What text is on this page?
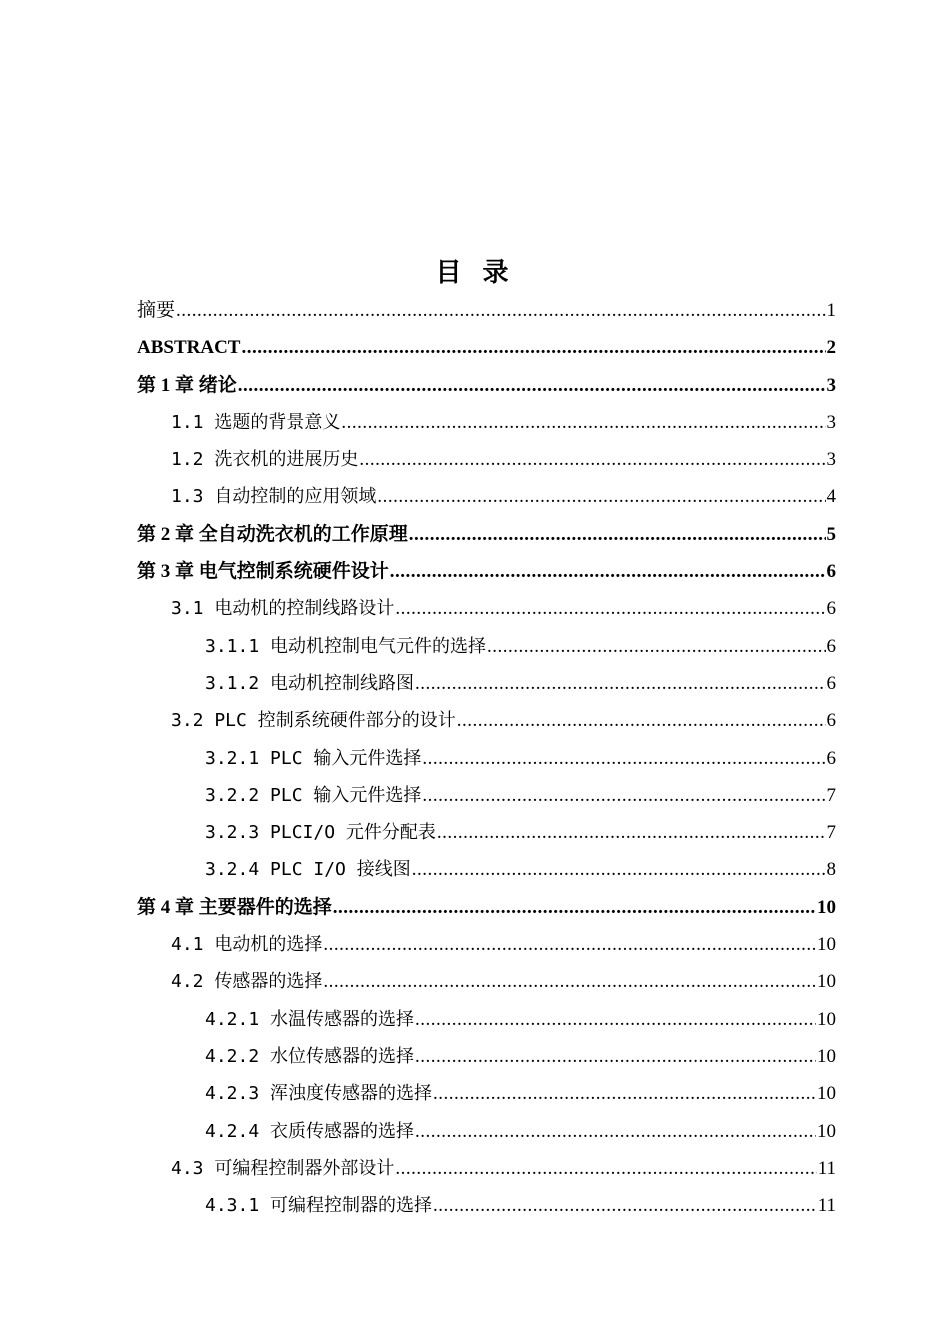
目 录
摘要 .....	1
ABSTRACT .....	2
第 1 章 绪论 .....	3
1.1 选题的背景意义 .....	3
1.2 洗衣机的进展历史 .....	3
1.3 自动控制的应用领域 .....	4
第 2 章 全自动洗衣机的工作原理 .....	5
第 3 章 电气控制系统硬件设计 .....	6
3.1 电动机的控制线路设计 .....	6
3.1.1 电动机控制电气元件的选择 .....	6
3.1.2 电动机控制线路图 .....	6
3.2 PLC 控制系统硬件部分的设计 .....	6
3.2.1 PLC 输入元件选择 .....	6
3.2.2 PLC 输入元件选择 .....	7
3.2.3 PLCI/O 元件分配表 .....	7
3.2.4 PLC I/O 接线图 .....	8
第 4 章 主要器件的选择 .....	10
4.1 电动机的选择 .....	10
4.2 传感器的选择 .....	10
4.2.1 水温传感器的选择 .....	10
4.2.2 水位传感器的选择 .....	10
4.2.3 浑浊度传感器的选择 .....	10
4.2.4 衣质传感器的选择 .....	10
4.3 可编程控制器外部设计 .....	11
4.3.1 可编程控制器的选择 .....	11
